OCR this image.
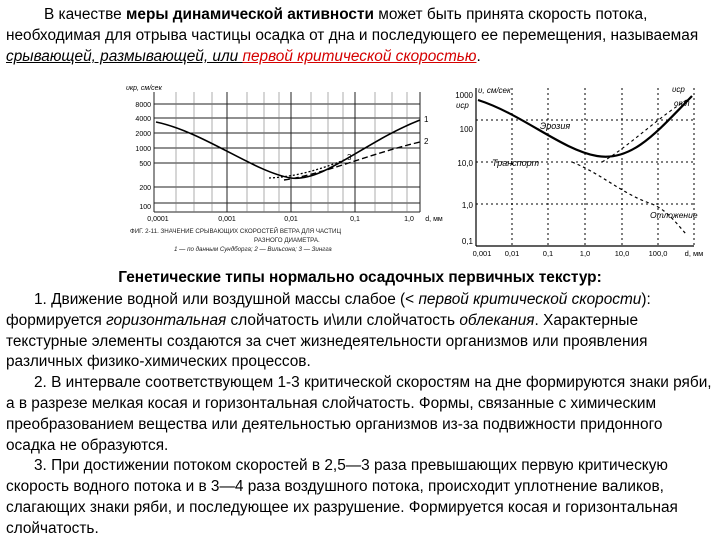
В качестве меры динамической активности может быть принята скорость потока, необходимая для отрыва частицы осадка от дна и последующего ее перемещения, называемая срывающей, размывающей, или первой критической скоростью.
1
2
3
υкр, см/сек
8000
4000
2000
1000
500
200
100
0,0001	0,001	0,01	0,1	1,0 d, мм
ФИГ. 2-11. ЗНАЧЕНИЕ СРЫВАЮЩИХ СКОРОСТЕЙ ВЕТРА ДЛЯ ЧАСТИЦ
РАЗНОГО ДИАМЕТРА.
1 — по данным Сундборга; 2 — Вильсона; 3 — Зингга
υ, см/сек
υср
υср
отл
Эрозия
Транспорт
Отложение
1000
100
10,0
1,0
0,1
0,001 0,01	0,1	1,0	10,0	100,0 d, мм
Генетические типы нормально осадочных первичных текстур:

1. Движение водной или воздушной массы слабое (< первой критической скорости): формируется горизонтальная слойчатость и\или слойчатость облекания. Характерные текстурные элементы создаются за счет жизнедеятельности организмов или проявления различных физико-химических процессов.

2. В интервале соответствующем 1-3 критической скоростям на дне формируются знаки ряби, а в разрезе мелкая косая и горизонтальная слойчатость. Формы, связанные с химическим преобразованием вещества или деятельностью организмов из-за подвижности придонного осадка не образуются.

3. При достижении потоком скоростей в 2,5—3 раза превышающих первую критическую скорость водного потока и в 3—4 раза воздушного потока, происходит уплотнение валиков, слагающих знаки ряби, и последующее их разрушение. Формируется косая и горизонтальная слойчатость.
